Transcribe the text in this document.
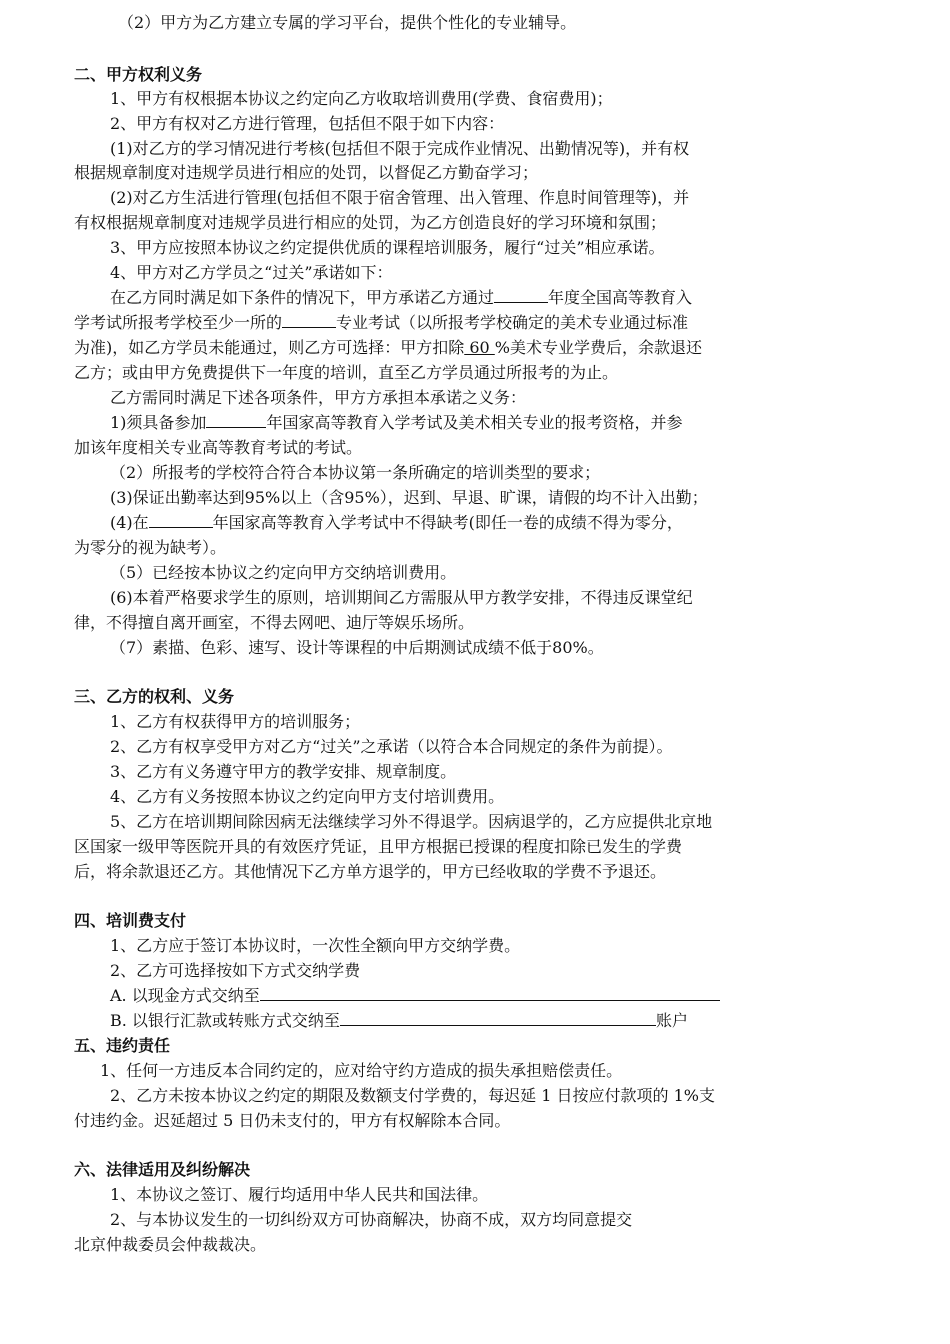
（2）甲方为乙方建立专属的学习平台，提供个性化的专业辅导。
二、甲方权利义务
1、甲方有权根据本协议之约定向乙方收取培训费用(学费、食宿费用)；
2、甲方有权对乙方进行管理，包括但不限于如下内容：
(1)对乙方的学习情况进行考核(包括但不限于完成作业情况、出勤情况等)，并有权
根据规章制度对违规学员进行相应的处罚，以督促乙方勤奋学习；
(2)对乙方生活进行管理(包括但不限于宿舍管理、出入管理、作息时间管理等)，并
有权根据规章制度对违规学员进行相应的处罚，为乙方创造良好的学习环境和氛围；
3、甲方应按照本协议之约定提供优质的课程培训服务，履行“过关”相应承诺。
4、甲方对乙方学员之“过关”承诺如下：
在乙方同时满足如下条件的情况下，甲方承诺乙方通过	年度全国高等教育入
学考试所报考学校至少一所的	专业考试（以所报考学校确定的美术专业通过标准
为准)，如乙方学员未能通过，则乙方可选择：甲方扣除 60 %美术专业学费后，余款退还
乙方；或由甲方免费提供下一年度的培训，直至乙方学员通过所报考的为止。
乙方需同时满足下述各项条件，甲方方承担本承诺之义务：
1)须具备参加	年国家高等教育入学考试及美术相关专业的报考资格，并参
加该年度相关专业高等教育考试的考试。
（2）所报考的学校符合符合本协议第一条所确定的培训类型的要求；
(3)保证出勤率达到95%以上（含95%），迟到、早退、旷课，请假的均不计入出勤；
(4)在	年国家高等教育入学考试中不得缺考(即任一卷的成绩不得为零分，
为零分的视为缺考）。
（5）已经按本协议之约定向甲方交纳培训费用。
(6)本着严格要求学生的原则，培训期间乙方需服从甲方教学安排，不得违反课堂纪
律，不得擅自离开画室，不得去网吧、迪厅等娱乐场所。
（7）素描、色彩、速写、设计等课程的中后期测试成绩不低于80%。
三、乙方的权利、义务
1、乙方有权获得甲方的培训服务；
2、乙方有权享受甲方对乙方“过关”之承诺（以符合本合同规定的条件为前提）。
3、乙方有义务遵守甲方的教学安排、规章制度。
4、乙方有义务按照本协议之约定向甲方支付培训费用。
5、乙方在培训期间除因病无法继续学习外不得退学。因病退学的，乙方应提供北京地
区国家一级甲等医院开具的有效医疗凭证，且甲方根据已授课的程度扣除已发生的学费
后，将余款退还乙方。其他情况下乙方单方退学的，甲方已经收取的学费不予退还。
四、培训费支付
1、乙方应于签订本协议时，一次性全额向甲方交纳学费。
2、乙方可选择按如下方式交纳学费
A. 以现金方式交纳至
B. 以银行汇款或转账方式交纳至	账户
五、违约责任
1、任何一方违反本合同约定的，应对给守约方造成的损失承担赔偿责任。
2、乙方未按本协议之约定的期限及数额支付学费的，每迟延 1 日按应付款项的 1%支
付违约金。迟延超过 5 日仍未支付的，甲方有权解除本合同。
六、法律适用及纠纷解决
1、本协议之签订、履行均适用中华人民共和国法律。
2、与本协议发生的一切纠纷双方可协商解决，协商不成，双方均同意提交
北京仲裁委员会仲裁裁决。
